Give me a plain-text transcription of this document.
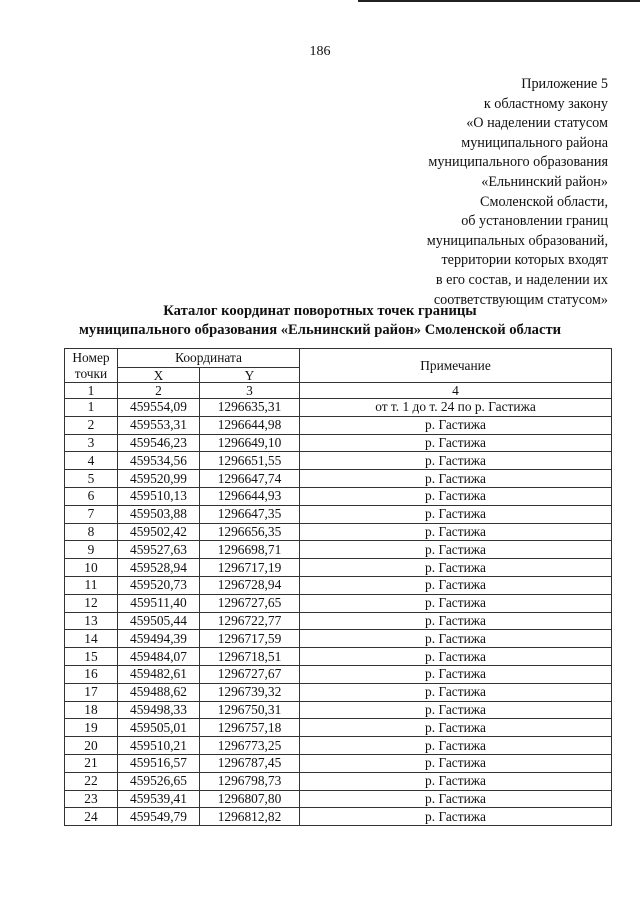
186
Приложение 5
к областному закону
«О наделении статусом
муниципального района
муниципального образования
«Ельнинский район»
Смоленской области,
об установлении границ
муниципальных образований,
территории которых входят
в его состав, и наделении их
соответствующим статусом»
Каталог координат поворотных точек границы
муниципального образования «Ельнинский район» Смоленской области
Номер точки	Координата		Примечание
	X	Y	
1	2	3	4
1	459554,09	1296635,31	от т. 1 до т. 24 по р. Гастижа
2	459553,31	1296644,98	р. Гастижа
3	459546,23	1296649,10	р. Гастижа
4	459534,56	1296651,55	р. Гастижа
5	459520,99	1296647,74	р. Гастижа
6	459510,13	1296644,93	р. Гастижа
7	459503,88	1296647,35	р. Гастижа
8	459502,42	1296656,35	р. Гастижа
9	459527,63	1296698,71	р. Гастижа
10	459528,94	1296717,19	р. Гастижа
11	459520,73	1296728,94	р. Гастижа
12	459511,40	1296727,65	р. Гастижа
13	459505,44	1296722,77	р. Гастижа
14	459494,39	1296717,59	р. Гастижа
15	459484,07	1296718,51	р. Гастижа
16	459482,61	1296727,67	р. Гастижа
17	459488,62	1296739,32	р. Гастижа
18	459498,33	1296750,31	р. Гастижа
19	459505,01	1296757,18	р. Гастижа
20	459510,21	1296773,25	р. Гастижа
21	459516,57	1296787,45	р. Гастижа
22	459526,65	1296798,73	р. Гастижа
23	459539,41	1296807,80	р. Гастижа
24	459549,79	1296812,82	р. Гастижа
